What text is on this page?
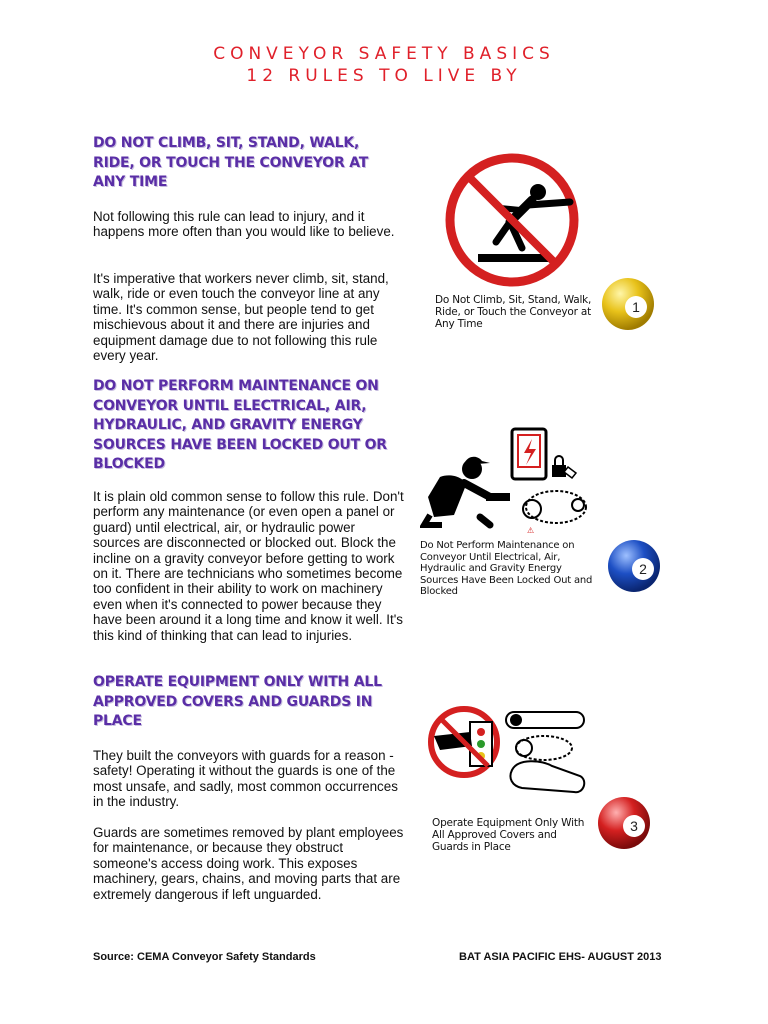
CONVEYOR SAFETY BASICS
12 RULES TO LIVE BY
DO NOT CLIMB, SIT, STAND, WALK, RIDE, OR TOUCH THE CONVEYOR AT ANY TIME

Not following this rule can lead to injury, and it happens more often than you would like to believe.

It's imperative that workers never climb, sit, stand, walk, ride or even touch the conveyor line at any time. It's common sense, but people tend to get mischievous about it and there are injuries and equipment damage due to not following this rule every year.

Do Not Climb, Sit, Stand, Walk, Ride, or Touch the Conveyor at Any Time
1
DO NOT PERFORM MAINTENANCE ON CONVEYOR UNTIL ELECTRICAL, AIR, HYDRAULIC, AND GRAVITY ENERGY SOURCES HAVE BEEN LOCKED OUT OR BLOCKED

It is plain old common sense to follow this rule. Don't perform any maintenance (or even open a panel or guard) until electrical, air, or hydraulic power sources are disconnected or blocked out. Block the incline on a gravity conveyor before getting to work on it. There are technicians who sometimes become too confident in their ability to work on machinery even when it's connected to power because they have been around it a long time and know it well. It's this kind of thinking that can lead to injuries.

⚠
Do Not Perform Maintenance on Conveyor Until Electrical, Air, Hydraulic and Gravity Energy Sources Have Been Locked Out and Blocked
2
OPERATE EQUIPMENT ONLY WITH ALL APPROVED COVERS AND GUARDS IN PLACE

They built the conveyors with guards for a reason - safety! Operating it without the guards is one of the most unsafe, and sadly, most common occurrences in the industry.

Guards are sometimes removed by plant employees for maintenance, or because they obstruct someone's access doing work. This exposes machinery, gears, chains, and moving parts that are extremely dangerous if left unguarded.

Operate Equipment Only With All Approved Covers and Guards in Place
3
Source: CEMA Conveyor Safety Standards	BAT ASIA PACIFIC EHS- AUGUST 2013
